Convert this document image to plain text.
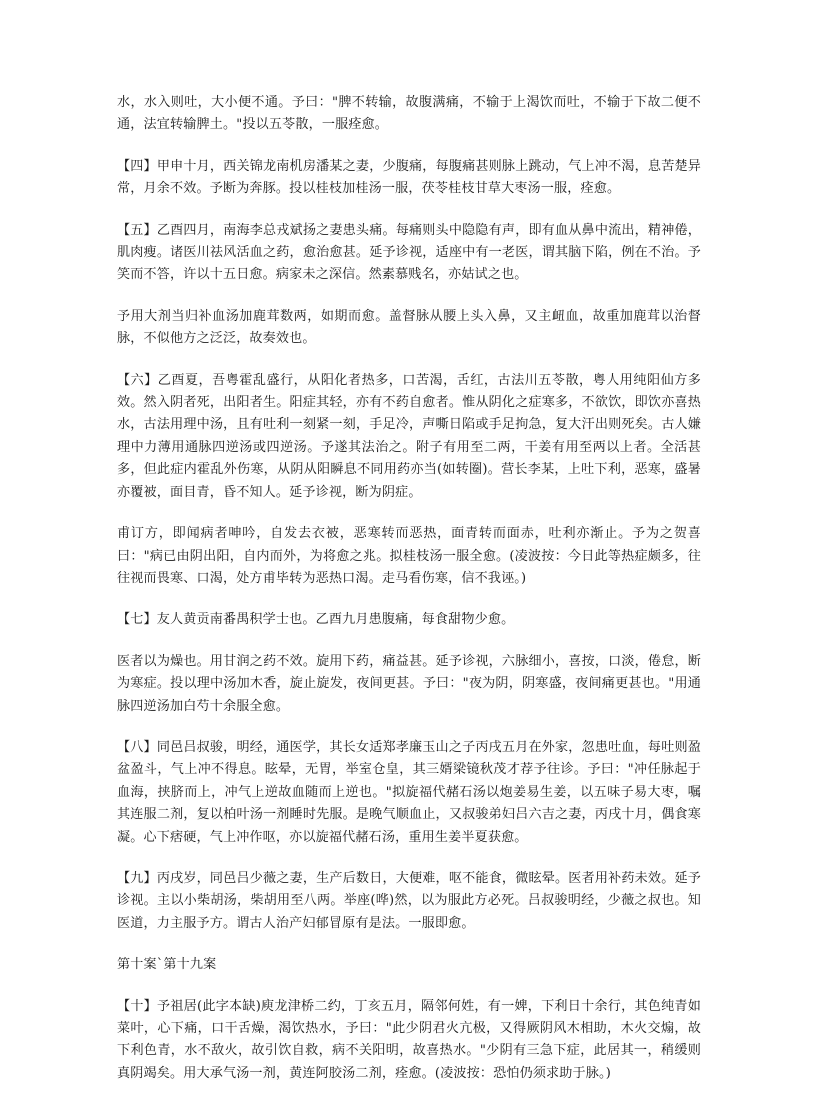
水，水入则吐，大小便不通。予曰："脾不转输，故腹满痛，不输于上渴饮而吐，不输于下故二便不通，法宜转输脾土。"投以五苓散，一服痊愈。

【四】甲申十月，西关锦龙南机房潘某之妻，少腹痛，每腹痛甚则脉上跳动，气上冲不渴，息苦楚异常，月余不效。予断为奔豚。投以桂枝加桂汤一服，茯苓桂枝甘草大枣汤一服，痊愈。

【五】乙酉四月，南海李总戎斌扬之妻患头痛。每痛则头中隐隐有声，即有血从鼻中流出，精神倦，肌肉瘦。诸医川祛风活血之药，愈治愈甚。延予诊视，适座中有一老医，谓其脑下陷，例在不治。予笑而不答，许以十五日愈。病家未之深信。然素慕贱名，亦姑试之也。

予用大剂当归补血汤加鹿茸数两，如期而愈。盖督脉从腰上头入鼻，又主衄血，故重加鹿茸以治督脉，不似他方之泛泛，故奏效也。

【六】乙酉夏，吾粤霍乱盛行，从阳化者热多，口苦渴，舌红，古法川五苓散，粤人用纯阳仙方多效。然入阴者死，出阳者生。阳症其轻，亦有不药自愈者。惟从阴化之症寒多，不欲饮，即饮亦喜热水，古法用理中汤，且有吐利一刻紧一刻，手足冷，声嘶日陷或手足拘急，复大汗出则死矣。古人嫌理中力薄用通脉四逆汤或四逆汤。予遂其法治之。附子有用至二两，干姜有用至两以上者。全活甚多，但此症内霍乱外伤寒，从阴从阳瞬息不同用药亦当(如转圈)。营长李某，上吐下利，恶寒，盛暑亦覆被，面目青，昏不知人。延予诊视，断为阴症。

甫订方，即闻病者呻吟，自发去衣被，恶寒转而恶热，面青转而面赤，吐利亦渐止。予为之贺喜曰："病已由阴出阳，自内而外，为将愈之兆。拟桂枝汤一服全愈。(凌波按：今日此等热症颇多，往往视而畏寒、口渴，处方甫毕转为恶热口渴。走马看伤寒，信不我诬。)

【七】友人黄贡南番禺积学士也。乙酉九月患腹痛，每食甜物少愈。

医者以为燥也。用甘润之药不效。旋用下药，痛益甚。延予诊视，六脉细小，喜按，口淡，倦怠，断为寒症。投以理中汤加木香，旋止旋发，夜间更甚。予曰："夜为阴，阴寒盛，夜间痛更甚也。"用通脉四逆汤加白芍十余服全愈。

【八】同邑吕叔骏，明经，通医学，其长女适郑孝廉玉山之子丙戌五月在外家，忽患吐血，每吐则盈盆盈斗，气上冲不得息。眩晕，无胃，举室仓皇，其三婿梁镜秋茂才荐予往诊。予曰："冲任脉起于血海，挟脐而上，冲气上逆故血随而上逆也。"拟旋福代赭石汤以炮姜易生姜，以五味子易大枣，嘱其连服二剂，复以柏叶汤一剂睡时先服。是晚气顺血止，又叔骏弟妇吕六吉之妻，丙戌十月，偶食寒凝。心下痞硬，气上冲作呕，亦以旋福代赭石汤，重用生姜半夏获愈。

【九】丙戌岁，同邑吕少薇之妻，生产后数日，大便难，呕不能食，微眩晕。医者用补药未效。延予诊视。主以小柴胡汤，柴胡用至八两。举座(哗)然，以为服此方必死。吕叔骏明经，少薇之叔也。知医道，力主服予方。谓古人治产妇郁冒原有是法。一服即愈。

第十案`第十九案

【十】予祖居(此字本缺)庾龙津桥二约，丁亥五月，隔邻何姓，有一婢，下利日十余行，其色纯青如菜叶，心下痛，口干舌燥，渴饮热水，予曰："此少阴君火亢极，又得厥阴风木相助，木火交煽，故下利色青，水不敌火，故引饮自救，病不关阳明，故喜热水。"少阴有三急下症，此居其一，稍缓则真阴竭矣。用大承气汤一剂，黄连阿胶汤二剂，痊愈。(凌波按：恐怕仍须求助于脉。)
